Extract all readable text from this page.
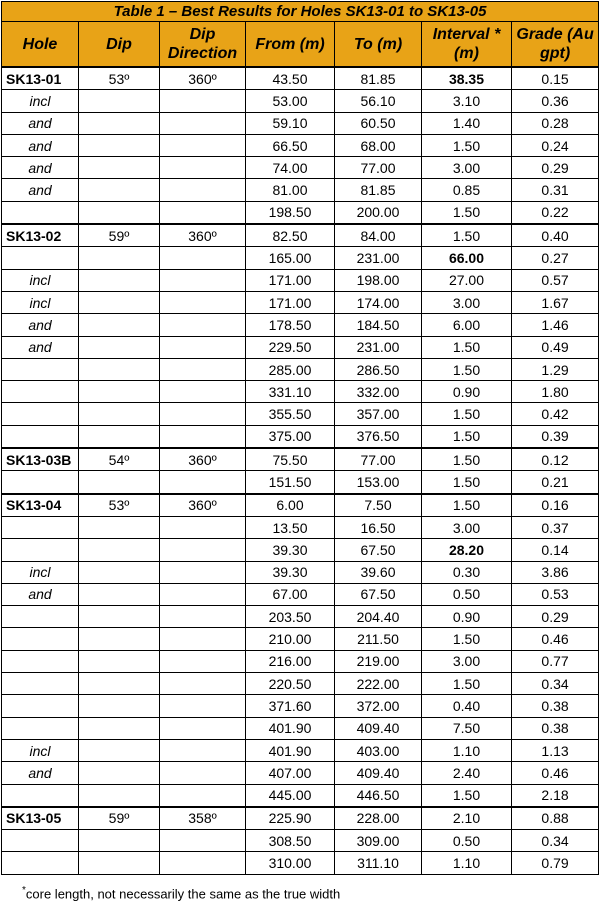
Table 1 – Best Results for Holes SK13-01 to SK13-05						
Hole	Dip	Dip Direction	From (m)	To (m)	Interval * (m)	Grade (Au gpt)
SK13-01	53º	360º	43.50	81.85	38.35	0.15
incl			53.00	56.10	3.10	0.36
and			59.10	60.50	1.40	0.28
and			66.50	68.00	1.50	0.24
and			74.00	77.00	3.00	0.29
and			81.00	81.85	0.85	0.31
			198.50	200.00	1.50	0.22
SK13-02	59º	360º	82.50	84.00	1.50	0.40
			165.00	231.00	66.00	0.27
incl			171.00	198.00	27.00	0.57
incl			171.00	174.00	3.00	1.67
and			178.50	184.50	6.00	1.46
and			229.50	231.00	1.50	0.49
			285.00	286.50	1.50	1.29
			331.10	332.00	0.90	1.80
			355.50	357.00	1.50	0.42
			375.00	376.50	1.50	0.39
SK13-03B	54º	360º	75.50	77.00	1.50	0.12
			151.50	153.00	1.50	0.21
SK13-04	53º	360º	6.00	7.50	1.50	0.16
			13.50	16.50	3.00	0.37
			39.30	67.50	28.20	0.14
incl			39.30	39.60	0.30	3.86
and			67.00	67.50	0.50	0.53
			203.50	204.40	0.90	0.29
			210.00	211.50	1.50	0.46
			216.00	219.00	3.00	0.77
			220.50	222.00	1.50	0.34
			371.60	372.00	0.40	0.38
			401.90	409.40	7.50	0.38
incl			401.90	403.00	1.10	1.13
and			407.00	409.40	2.40	0.46
			445.00	446.50	1.50	2.18
SK13-05	59º	358º	225.90	228.00	2.10	0.88
			308.50	309.00	0.50	0.34
			310.00	311.10	1.10	0.79
*core length, not necessarily the same as the true width
